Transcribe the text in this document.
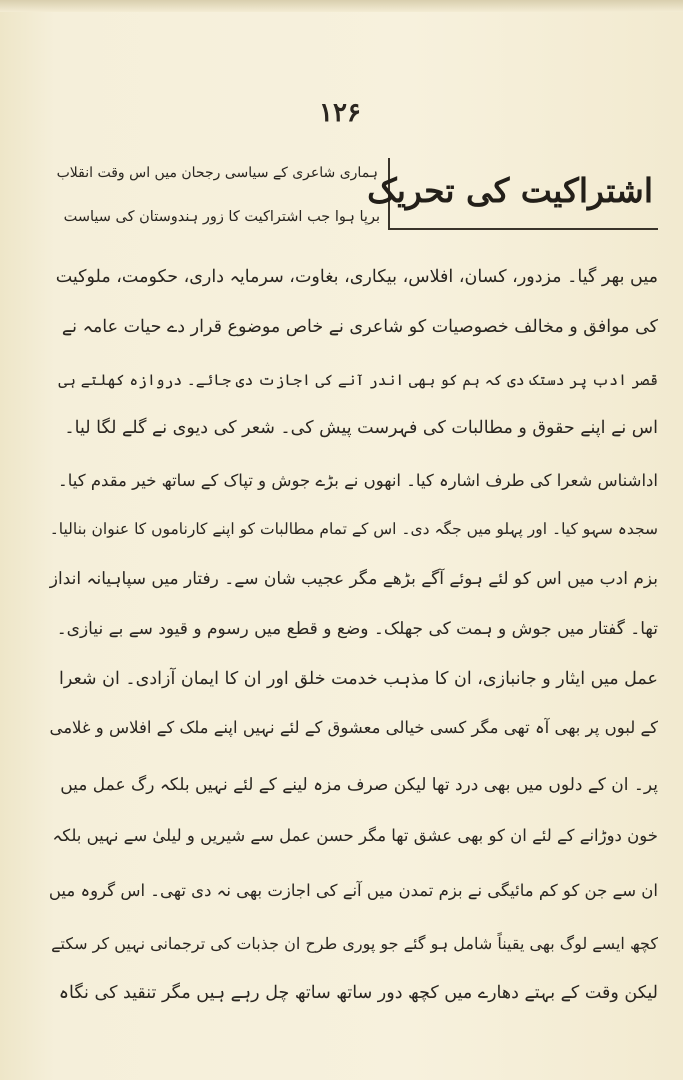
۱۲۶
اشتراکیت کی تحریک
ہماری شاعری کے سیاسی رجحان میں اس وقت انقلاب
برپا ہوا جب اشتراکیت کا زور ہندوستان کی سیاست
میں بھر گیا۔ مزدور، کسان، افلاس، بیکاری، بغاوت، سرمایہ داری، حکومت، ملوکیت
کی موافق و مخالف خصوصیات کو شاعری نے خاص موضوع قرار دے حیات عامہ نے
قصر ادب پر دستک دی کہ ہم کو بھی اندر آنے کی اجازت دی جائے۔ دروازہ کھلتے ہی
اس نے اپنے حقوق و مطالبات کی فہرست پیش کی۔ شعر کی دیوی نے گلے لگا لیا۔
اداشناس شعرا کی طرف اشارہ کیا۔ انھوں نے بڑے جوش و تپاک کے ساتھ خیر مقدم کیا۔
سجدہ سہو کیا۔ اور پہلو میں جگہ دی۔ اس کے تمام مطالبات کو اپنے کارناموں کا عنوان بنالیا۔
بزم ادب میں اس کو لئے ہوئے آگے بڑھے مگر عجیب شان سے۔ رفتار میں سپاہیانہ انداز
تھا۔ گفتار میں جوش و ہمت کی جھلک۔ وضع و قطع میں رسوم و قیود سے بے نیازی۔
عمل میں ایثار و جانبازی، ان کا مذہب خدمت خلق اور ان کا ایمان آزادی۔ ان شعرا
کے لبوں پر بھی آہ تھی مگر کسی خیالی معشوق کے لئے نہیں اپنے ملک کے افلاس و غلامی
پر۔ ان کے دلوں میں بھی درد تھا لیکن صرف مزہ لینے کے لئے نہیں بلکہ رگ عمل میں
خون دوڑانے کے لئے ان کو بھی عشق تھا مگر حسن عمل سے شیریں و لیلیٰ سے نہیں بلکہ
ان سے جن کو کم مائیگی نے بزم تمدن میں آنے کی اجازت بھی نہ دی تھی۔ اس گروہ میں
کچھ ایسے لوگ بھی یقیناً شامل ہو گئے جو پوری طرح ان جذبات کی ترجمانی نہیں کر سکتے
لیکن وقت کے بہتے دھارے میں کچھ دور ساتھ ساتھ چل رہے ہیں مگر تنقید کی نگاہ
